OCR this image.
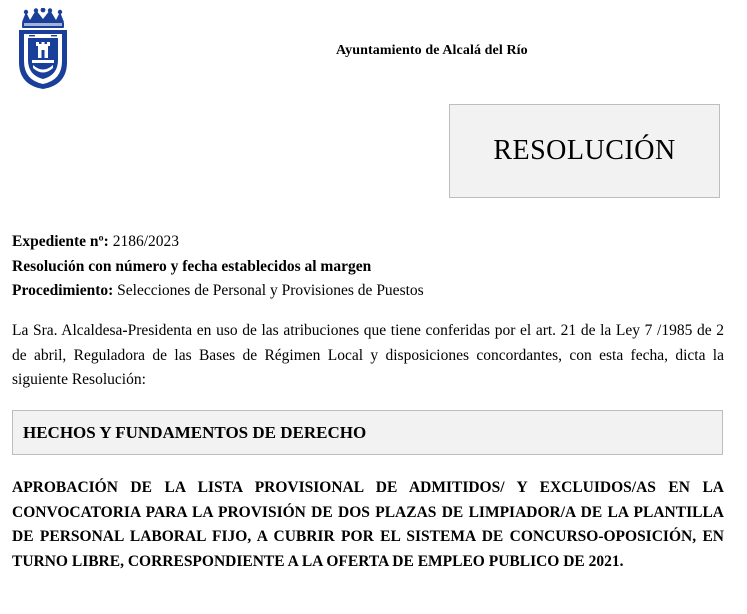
Ayuntamiento de Alcalá del Río
RESOLUCIÓN
Expediente nº: 2186/2023
Resolución con número y fecha establecidos al margen
Procedimiento: Selecciones de Personal y Provisiones de Puestos
La Sra. Alcaldesa-Presidenta en uso de las atribuciones que tiene conferidas por el art. 21 de la Ley 7 /1985 de 2 de abril, Reguladora de las Bases de Régimen Local y disposiciones concordantes, con esta fecha, dicta la siguiente Resolución:
HECHOS Y FUNDAMENTOS DE DERECHO
APROBACIÓN DE LA LISTA PROVISIONAL DE ADMITIDOS/ Y EXCLUIDOS/AS EN LA CONVOCATORIA PARA LA PROVISIÓN DE DOS PLAZAS DE LIMPIADOR/A DE LA PLANTILLA DE PERSONAL LABORAL FIJO, A CUBRIR POR EL SISTEMA DE CONCURSO-OPOSICIÓN, EN TURNO LIBRE, CORRESPONDIENTE A LA OFERTA DE EMPLEO PUBLICO DE 2021.
